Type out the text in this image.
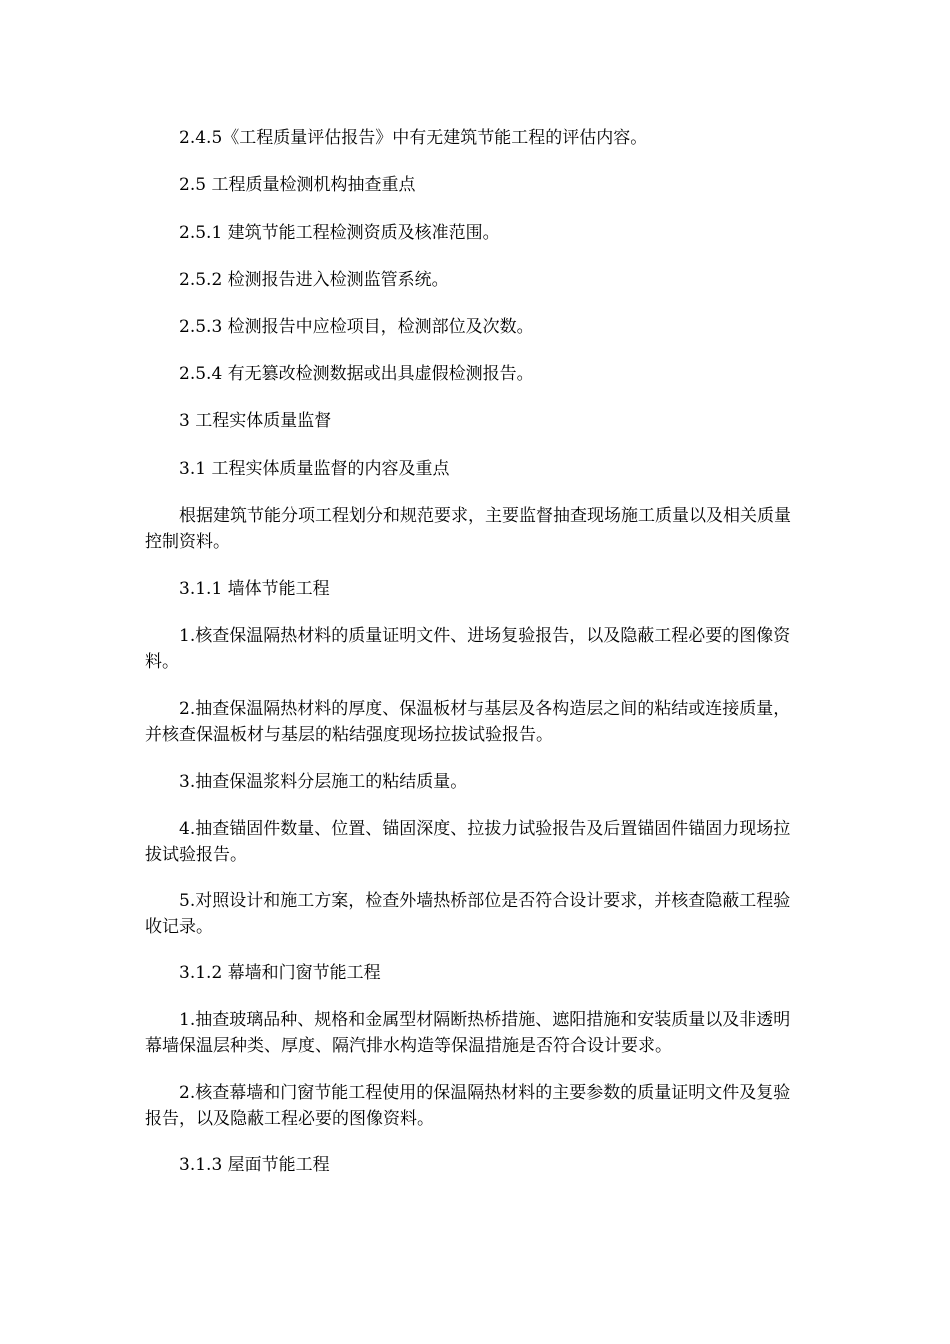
2.4.5《工程质量评估报告》中有无建筑节能工程的评估内容。

2.5 工程质量检测机构抽查重点

2.5.1 建筑节能工程检测资质及核准范围。

2.5.2 检测报告进入检测监管系统。

2.5.3 检测报告中应检项目，检测部位及次数。

2.5.4 有无篡改检测数据或出具虚假检测报告。

3 工程实体质量监督

3.1 工程实体质量监督的内容及重点

根据建筑节能分项工程划分和规范要求，主要监督抽查现场施工质量以及相关质量控制资料。

3.1.1 墙体节能工程

1.核查保温隔热材料的质量证明文件、进场复验报告，以及隐蔽工程必要的图像资料。

2.抽查保温隔热材料的厚度、保温板材与基层及各构造层之间的粘结或连接质量，并核查保温板材与基层的粘结强度现场拉拔试验报告。

3.抽查保温浆料分层施工的粘结质量。

4.抽查锚固件数量、位置、锚固深度、拉拔力试验报告及后置锚固件锚固力现场拉拔试验报告。

5.对照设计和施工方案，检查外墙热桥部位是否符合设计要求，并核查隐蔽工程验收记录。

3.1.2 幕墙和门窗节能工程

1.抽查玻璃品种、规格和金属型材隔断热桥措施、遮阳措施和安装质量以及非透明幕墙保温层种类、厚度、隔汽排水构造等保温措施是否符合设计要求。

2.核查幕墙和门窗节能工程使用的保温隔热材料的主要参数的质量证明文件及复验报告，以及隐蔽工程必要的图像资料。

3.1.3 屋面节能工程
